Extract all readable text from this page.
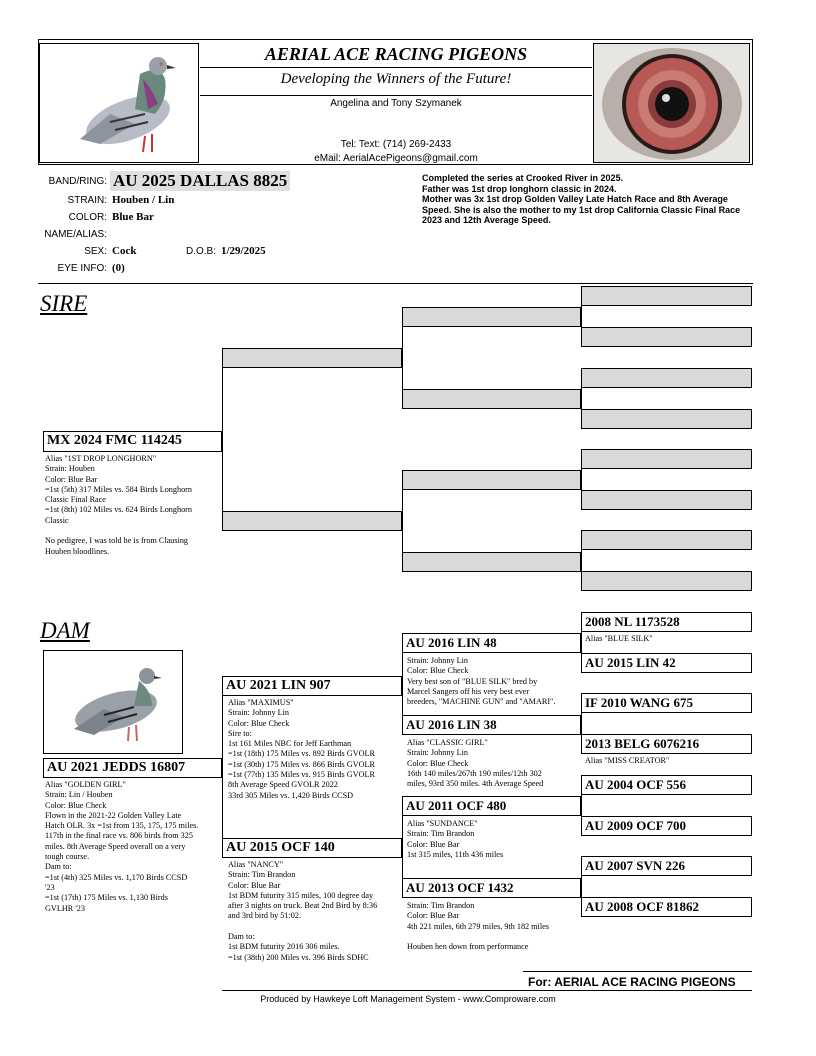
AERIAL ACE RACING PIGEONS
Developing the Winners of the Future!
Angelina and Tony Szymanek
Tel: Text: (714) 269-2433
eMail: AerialAcePigeons@gmail.com
BAND/RING: AU 2025 DALLAS 8825
STRAIN: Houben / Lin
COLOR: Blue Bar
NAME/ALIAS:
SEX: Cock	D.O.B: 1/29/2025
EYE INFO: (0)
Completed the series at Crooked River in 2025.
Father was 1st drop longhorn classic in 2024.
Mother was 3x 1st drop Golden Valley Late Hatch Race and 8th Average Speed. She is also the mother to my 1st drop California Classic Final Race 2023 and 12th Average Speed.
SIRE
MX 2024 FMC 114245
Alias "1ST DROP LONGHORN"
Strain: Houben
Color: Blue Bar
=1st (5th) 317 Miles vs. 584 Birds Longhorn
Classic Final Race
=1st (8th) 102 Miles vs. 624 Birds Longhorn
Classic

No pedigree, I was told he is from Clausing
Houben bloodlines.
DAM
AU 2021 JEDDS 16807
Alias "GOLDEN GIRL"
Strain: Lin / Houben
Color: Blue Check
Flown in the 2021-22 Golden Valley Late
Hatch OLR. 3x =1st from 135, 175, 175 miles.
117th in the final race vs. 806 birds from 325
miles. 8th Average Speed overall on a very
tough course.
Dam to:
=1st (4th) 325 Miles vs. 1,170 Birds CCSD
'23
=1st (17th) 175 Miles vs. 1,130 Birds
GVLHR '23
AU 2021 LIN 907
Alias "MAXIMUS"
Strain: Johnny Lin
Color: Blue Check
Sire to:
1st 161 Miles NBC for Jeff Earthman
=1st (18th) 175 Miles vs. 892 Birds GVOLR
=1st (30th) 175 Miles vs. 866 Birds GVOLR
=1st (77th) 135 Miles vs. 915 Birds GVOLR
8th Average Speed GVOLR 2022
33rd 305 Miles vs. 1,420 Birds CCSD
AU 2015 OCF 140
Alias "NANCY"
Strain: Tim Brandon
Color: Blue Bar
1st BDM futurity 315 miles, 100 degree day
after 3 nights on truck. Beat 2nd Bird by 8:36
and 3rd bird by 51:02.

Dam to:
1st BDM futurity 2016 306 miles.
=1st (38th) 200 Miles vs. 396 Birds SDHC
AU 2016 LIN 48
Strain: Johnny Lin
Color: Blue Check
Very best son of "BLUE SILK" bred by
Marcel Sangers off his very best ever
breeders, "MACHINE GUN" and "AMARI".
AU 2016 LIN 38
Alias "CLASSIC GIRL"
Strain: Johnny Lin
Color: Blue Check
16th 140 miles/267th 190 miles/12th 302
miles, 93rd 350 miles. 4th Average Speed
AU 2011 OCF 480
Alias "SUNDANCE"
Strain: Tim Brandon
Color: Blue Bar
1st 315 miles, 11th 436 miles
AU 2013 OCF 1432
Strain: Tim Brandon
Color: Blue Bar
4th 221 miles, 6th 279 miles, 9th 182 miles

Houben hen down from performance
2008 NL 1173528
Alias "BLUE SILK"
AU 2015 LIN 42
IF 2010 WANG 675
2013 BELG 6076216
Alias "MISS CREATOR"
AU 2004 OCF 556
AU 2009 OCF 700
AU 2007 SVN 226
AU 2008 OCF 81862
For: AERIAL ACE RACING PIGEONS
Produced by Hawkeye Loft Management System - www.Comproware.com
